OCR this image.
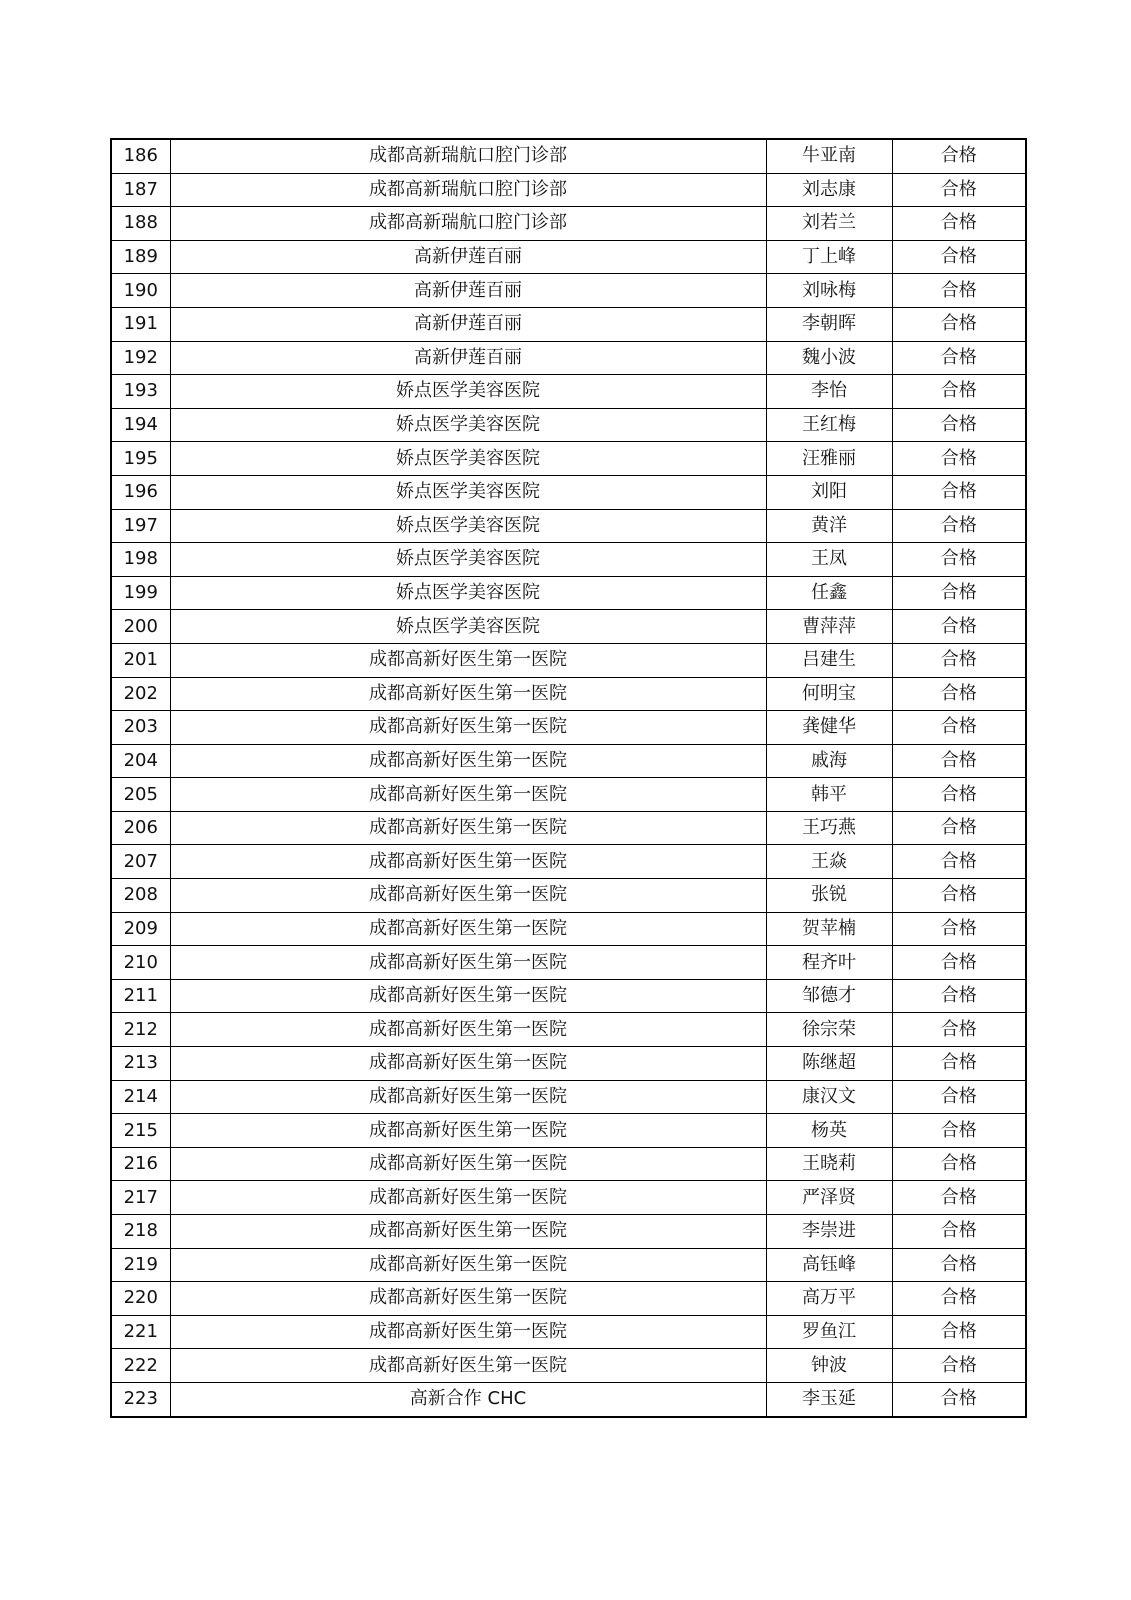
186	成都高新瑞航口腔门诊部	牛亚南	合格
187	成都高新瑞航口腔门诊部	刘志康	合格
188	成都高新瑞航口腔门诊部	刘若兰	合格
189	高新伊莲百丽	丁上峰	合格
190	高新伊莲百丽	刘咏梅	合格
191	高新伊莲百丽	李朝晖	合格
192	高新伊莲百丽	魏小波	合格
193	娇点医学美容医院	李怡	合格
194	娇点医学美容医院	王红梅	合格
195	娇点医学美容医院	汪雅丽	合格
196	娇点医学美容医院	刘阳	合格
197	娇点医学美容医院	黄洋	合格
198	娇点医学美容医院	王凤	合格
199	娇点医学美容医院	任鑫	合格
200	娇点医学美容医院	曹萍萍	合格
201	成都高新好医生第一医院	吕建生	合格
202	成都高新好医生第一医院	何明宝	合格
203	成都高新好医生第一医院	龚健华	合格
204	成都高新好医生第一医院	戚海	合格
205	成都高新好医生第一医院	韩平	合格
206	成都高新好医生第一医院	王巧燕	合格
207	成都高新好医生第一医院	王焱	合格
208	成都高新好医生第一医院	张锐	合格
209	成都高新好医生第一医院	贺苹楠	合格
210	成都高新好医生第一医院	程齐叶	合格
211	成都高新好医生第一医院	邹德才	合格
212	成都高新好医生第一医院	徐宗荣	合格
213	成都高新好医生第一医院	陈继超	合格
214	成都高新好医生第一医院	康汉文	合格
215	成都高新好医生第一医院	杨英	合格
216	成都高新好医生第一医院	王晓莉	合格
217	成都高新好医生第一医院	严泽贤	合格
218	成都高新好医生第一医院	李崇进	合格
219	成都高新好医生第一医院	高钰峰	合格
220	成都高新好医生第一医院	高万平	合格
221	成都高新好医生第一医院	罗鱼江	合格
222	成都高新好医生第一医院	钟波	合格
223	高新合作 CHC	李玉延	合格
